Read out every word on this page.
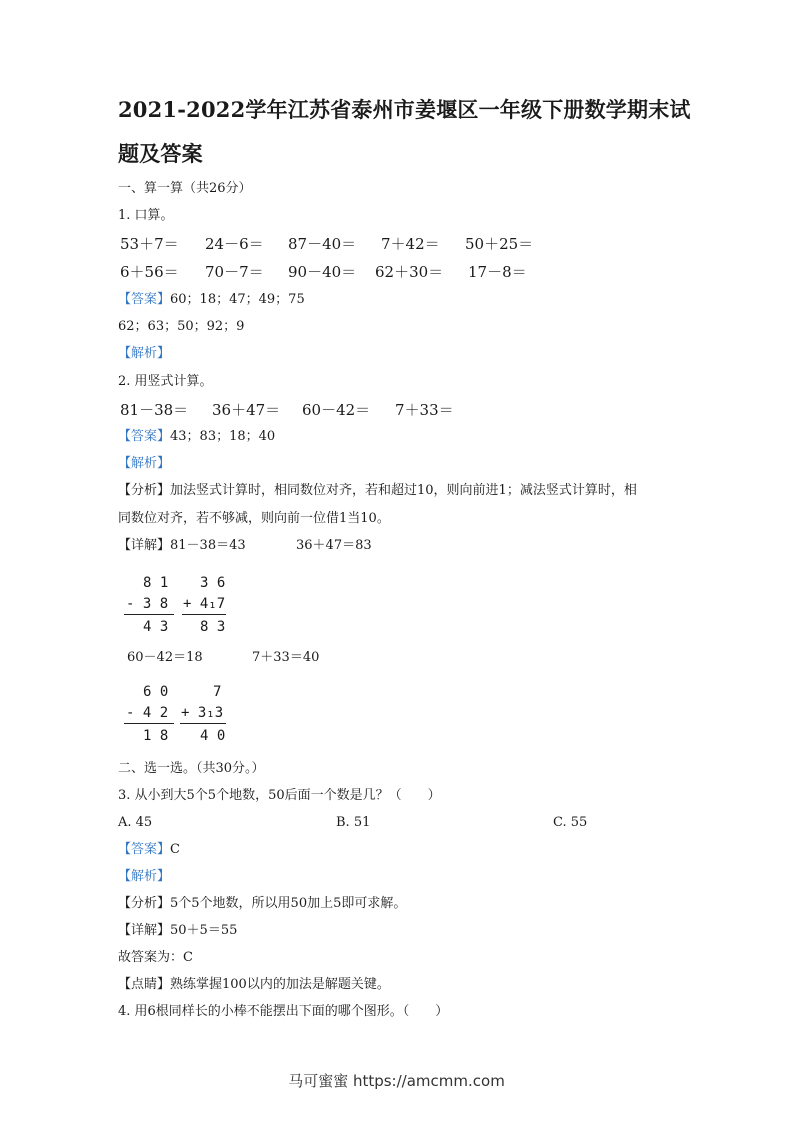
2021-2022学年江苏省泰州市姜堰区一年级下册数学期末试
题及答案
一、算一算（共26分）
1. 口算。
53＋7＝ 24－6＝ 87－40＝ 7＋42＝ 50＋25＝
6＋56＝ 70－7＝ 90－40＝ 62＋30＝ 17－8＝
【答案】60；18；47；49；75
62；63；50；92；9
【解析】
2. 用竖式计算。
81－38＝ 36＋47＝ 60－42＝ 7＋33＝
【答案】43；83；18；40
【解析】
【分析】加法竖式计算时，相同数位对齐，若和超过10，则向前进1；减法竖式计算时，相
同数位对齐，若不够减，则向前一位借1当10。
【详解】81－38＝43	36＋47＝83
8 1
- 3 8
4 3
3 6
+ 4₁7
8 3
60－42＝18	7＋33＝40
6 0
- 4 2
1 8
7
+ 3₁3
4 0
二、选一选。（共30分。）
3. 从小到大5个5个地数，50后面一个数是几？（　　）
A. 45	B. 51	C. 55
【答案】C
【解析】
【分析】5个5个地数，所以用50加上5即可求解。
【详解】50＋5＝55
故答案为：C
【点睛】熟练掌握100以内的加法是解题关键。
4. 用6根同样长的小棒不能摆出下面的哪个图形。（　　）
马可蜜蜜 https://amcmm.com
